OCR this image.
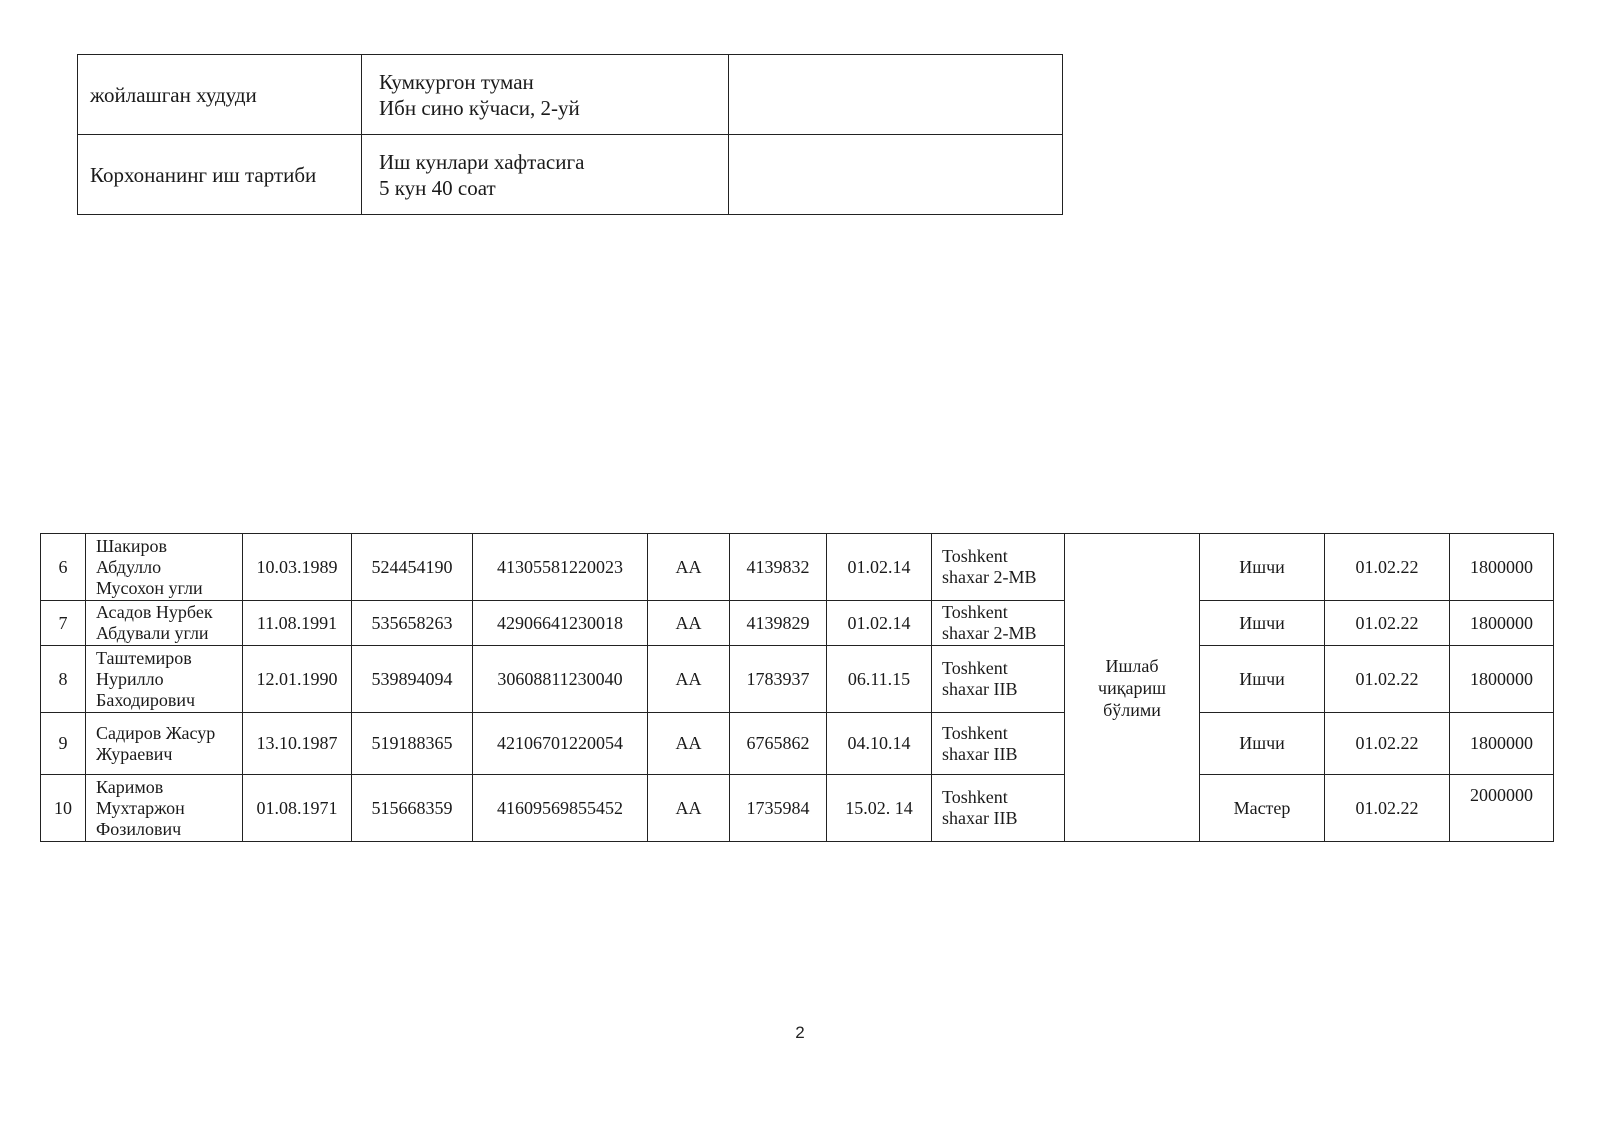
жойлашган худуди	Кумкургон туман
Ибн сино кўчаси, 2-уй	

Корхонанинг иш тартиби	Иш кунлари хафтасига
5 кун 40 соат	

6	Шакиров
Абдулло
Мусохон угли	10.03.1989	524454190	41305581220023	AA	4139832	01.02.14	Toshkent
shaxar 2-MB	Ишлаб
чиқариш
бўлими	Ишчи	01.02.22	1800000
7	Асадов Нурбек
Абдували угли	11.08.1991	535658263	42906641230018	AA	4139829	01.02.14	Toshkent
shaxar 2-MB		Ишчи	01.02.22	1800000
8	Таштемиров
Нурилло
Баходирович	12.01.1990	539894094	30608811230040	AA	1783937	06.11.15	Toshkent
shaxar IIB		Ишчи	01.02.22	1800000
9	Садиров Жасур
Жураевич	13.10.1987	519188365	42106701220054	AA	6765862	04.10.14	Toshkent
shaxar IIB		Ишчи	01.02.22	1800000
10	Каримов
Мухтаржон
Фозилович	01.08.1971	515668359	41609569855452	AA	1735984	15.02. 14	Toshkent
shaxar IIB		Мастер	01.02.22	2000000
2
